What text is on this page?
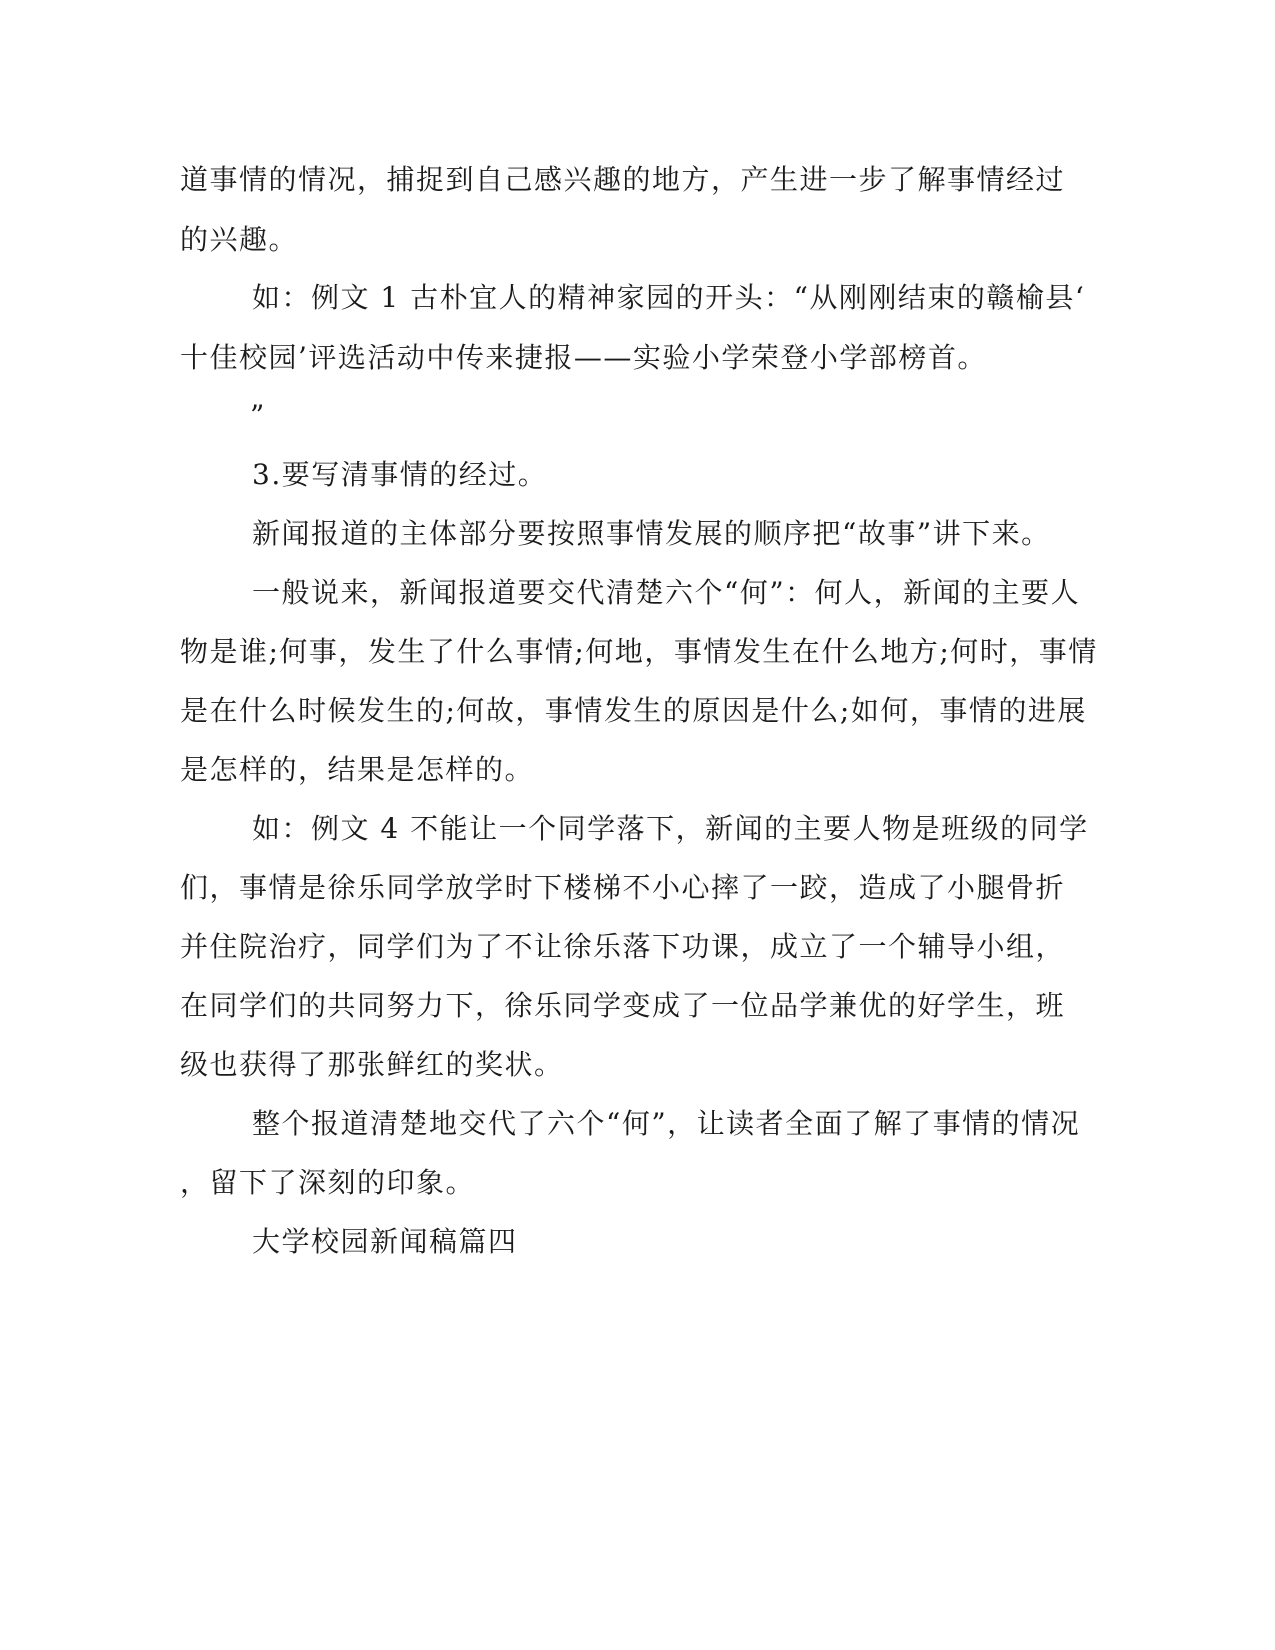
道事情的情况，捕捉到自己感兴趣的地方，产生进一步了解事情经过
的兴趣。
如：例文 1 古朴宜人的精神家园的开头：“从刚刚结束的赣榆县‘
十佳校园’评选活动中传来捷报——实验小学荣登小学部榜首。
”
3.要写清事情的经过。
新闻报道的主体部分要按照事情发展的顺序把“故事”讲下来。
一般说来，新闻报道要交代清楚六个“何”：何人，新闻的主要人
物是谁;何事，发生了什么事情;何地，事情发生在什么地方;何时，事情
是在什么时候发生的;何故，事情发生的原因是什么;如何，事情的进展
是怎样的，结果是怎样的。
如：例文 4 不能让一个同学落下，新闻的主要人物是班级的同学
们，事情是徐乐同学放学时下楼梯不小心摔了一跤，造成了小腿骨折
并住院治疗，同学们为了不让徐乐落下功课，成立了一个辅导小组，
在同学们的共同努力下，徐乐同学变成了一位品学兼优的好学生，班
级也获得了那张鲜红的奖状。
整个报道清楚地交代了六个“何”，让读者全面了解了事情的情况
，留下了深刻的印象。
大学校园新闻稿篇四
